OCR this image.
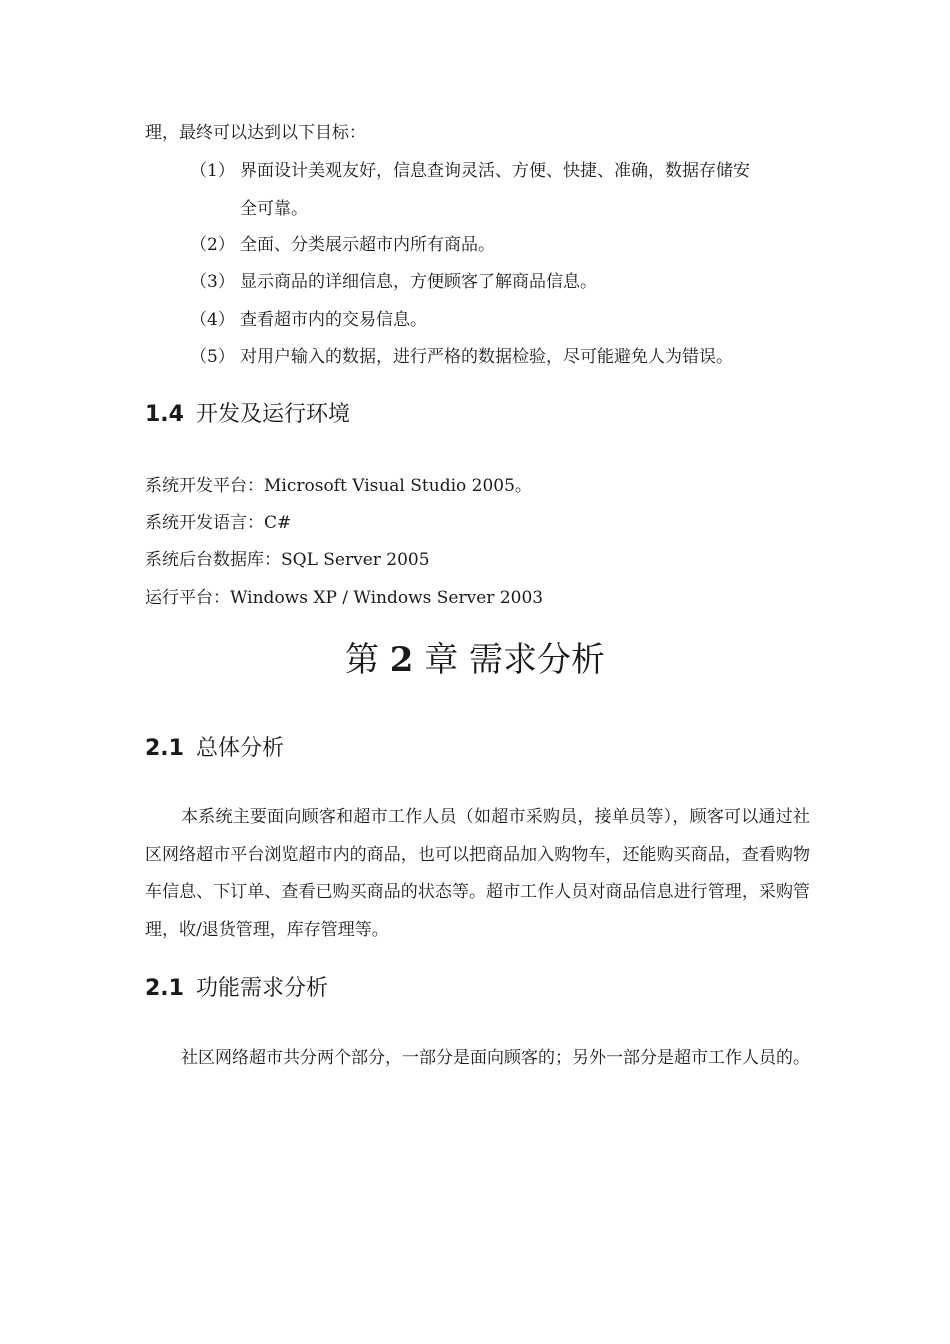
理，最终可以达到以下目标：
（1） 界面设计美观友好，信息查询灵活、方便、快捷、准确，数据存储安
全可靠。
（2） 全面、分类展示超市内所有商品。
（3） 显示商品的详细信息，方便顾客了解商品信息。
（4） 查看超市内的交易信息。
（5） 对用户输入的数据，进行严格的数据检验，尽可能避免人为错误。
1.4 开发及运行环境
系统开发平台：Microsoft Visual Studio 2005。
系统开发语言：C#
系统后台数据库：SQL Server 2005
运行平台：Windows XP / Windows Server 2003
第 2 章 需求分析
2.1 总体分析
本系统主要面向顾客和超市工作人员（如超市采购员，接单员等），顾客可以通过社区网络超市平台浏览超市内的商品，也可以把商品加入购物车，还能购买商品，查看购物车信息、下订单、查看已购买商品的状态等。超市工作人员对商品信息进行管理，采购管理，收/退货管理，库存管理等。
2.1 功能需求分析
社区网络超市共分两个部分，一部分是面向顾客的；另外一部分是超市工作人员的。
